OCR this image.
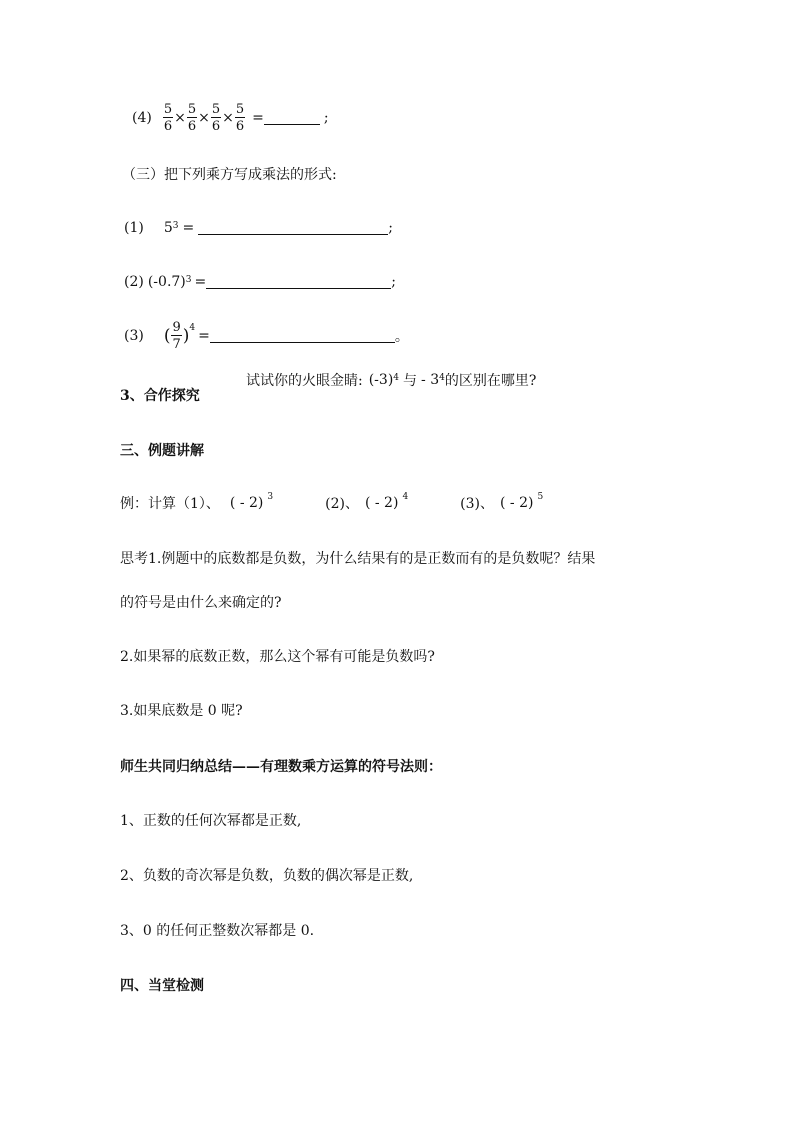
$(4) \frac{5}{6} \times \frac{5}{6} \times \frac{5}{6} \times \frac{5}{6}$ =	;
（三）把下列乘方写成乘法的形式:
(1) $5^3$ =	;
(2) $(-0.7)^3$ =	;
(3) ( $\frac{9}{7} )^4$ =	。
试试你的火眼金睛: $(-3)^4$ 与 - $3^4$ 的区别在哪里?
3、合作探究
三、例题讲解
例：计算（1）、 ( - 2) $^3$	(2)、 ( - 2) $^4$	(3)、 ( - 2) $^5$
思考1.例题中的底数都是负数，为什么结果有的是正数而有的是负数呢？结果
的符号是由什么来确定的?
2.如果幂的底数正数，那么这个幂有可能是负数吗?
3.如果底数是 0 呢?
师生共同归纳总结——有理数乘方运算的符号法则：
1、正数的任何次幂都是正数,
2、负数的奇次幂是负数，负数的偶次幂是正数,
3、0 的任何正整数次幂都是 0.
四、当堂检测
